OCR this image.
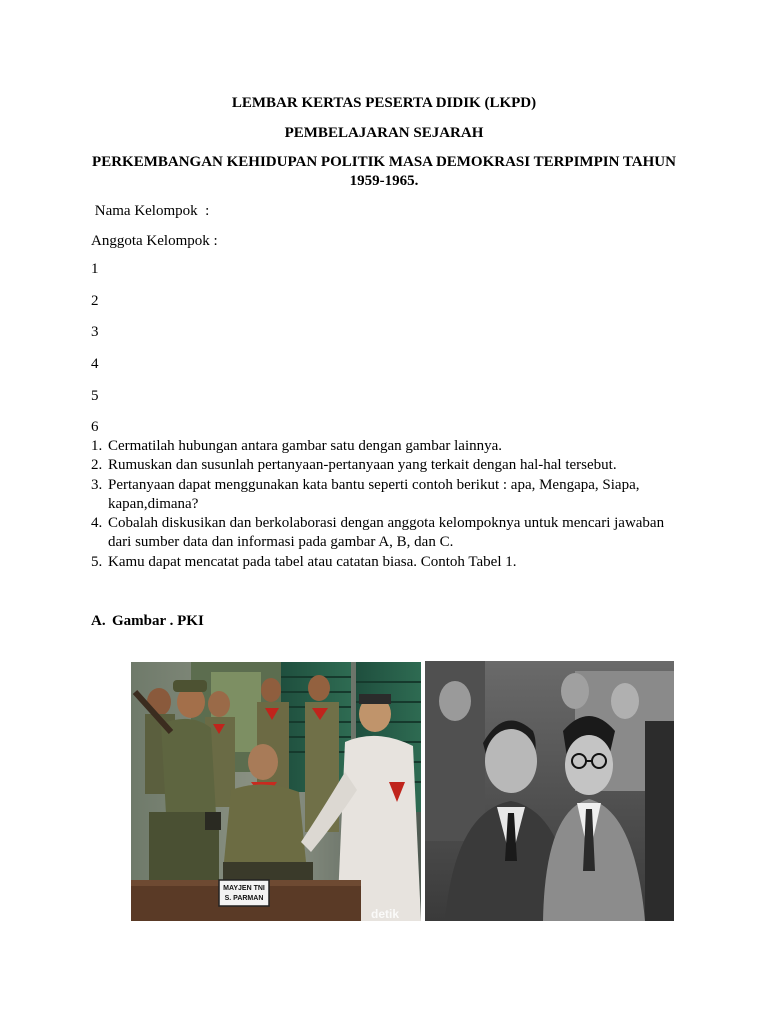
LEMBAR KERTAS PESERTA DIDIK (LKPD)
PEMBELAJARAN SEJARAH
PERKEMBANGAN KEHIDUPAN POLITIK MASA DEMOKRASI TERPIMPIN TAHUN
1959-1965.
Nama Kelompok  :
Anggota Kelompok :
1
2
3
4
5
6
1. Cermatilah hubungan antara gambar satu dengan gambar lainnya.
2. Rumuskan dan susunlah pertanyaan-pertanyaan yang terkait dengan hal-hal tersebut.
3. Pertanyaan dapat menggunakan kata bantu seperti contoh berikut : apa, Mengapa, Siapa, kapan,dimana?
4. Cobalah diskusikan dan berkolaborasi dengan anggota kelompoknya untuk mencari jawaban dari sumber data dan informasi pada gambar A, B, dan C.
5. Kamu dapat mencatat pada tabel atau catatan biasa. Contoh Tabel 1.
A. Gambar . PKI
MAYJEN TNI
S. PARMAN
detik
